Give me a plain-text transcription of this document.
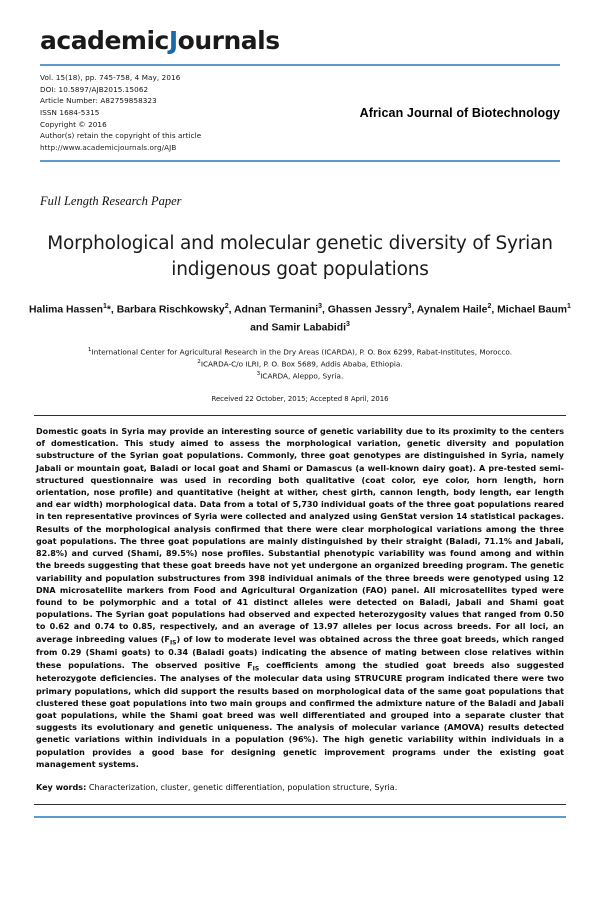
academicJournals
Vol. 15(18), pp. 745-758, 4 May, 2016
DOI: 10.5897/AJB2015.15062
Article Number: A82759858323
ISSN 1684-5315
Copyright © 2016
Author(s) retain the copyright of this article
http://www.academicjournals.org/AJB
African Journal of Biotechnology
Full Length Research Paper
Morphological and molecular genetic diversity of Syrian indigenous goat populations
Halima Hassen$^1$*, Barbara Rischkowsky$^2$, Adnan Termanini$^3$, Ghassen Jessry$^3$, Aynalem Haile$^2$, Michael Baum$^1$ and Samir Lababidi$^3$
$^1$International Center for Agricultural Research in the Dry Areas (ICARDA), P. O. Box 6299, Rabat-Institutes, Morocco.
$^2$ICARDA-C/o ILRI, P. O. Box 5689, Addis Ababa, Ethiopia.
$^3$ICARDA, Aleppo, Syria.
Received 22 October, 2015; Accepted 8 April, 2016
Domestic goats in Syria may provide an interesting source of genetic variability due to its proximity to the centers of domestication. This study aimed to assess the morphological variation, genetic diversity and population substructure of the Syrian goat populations. Commonly, three goat genotypes are distinguished in Syria, namely Jabali or mountain goat, Baladi or local goat and Shami or Damascus (a well-known dairy goat). A pre-tested semi-structured questionnaire was used in recording both qualitative (coat color, eye color, horn length, horn orientation, nose profile) and quantitative (height at wither, chest girth, cannon length, body length, ear length and ear width) morphological data. Data from a total of 5,730 individual goats of the three goat populations reared in ten representative provinces of Syria were collected and analyzed using GenStat version 14 statistical packages. Results of the morphological analysis confirmed that there were clear morphological variations among the three goat populations. The three goat populations are mainly distinguished by their straight (Baladi, 71.1% and Jabali, 82.8%) and curved (Shami, 89.5%) nose profiles. Substantial phenotypic variability was found among and within the breeds suggesting that these goat breeds have not yet undergone an organized breeding program. The genetic variability and population substructures from 398 individual animals of the three breeds were genotyped using 12 DNA microsatellite markers from Food and Agricultural Organization (FAO) panel. All microsatellites typed were found to be polymorphic and a total of 41 distinct alleles were detected on Baladi, Jabali and Shami goat populations. The Syrian goat populations had observed and expected heterozygosity values that ranged from 0.50 to 0.62 and 0.74 to 0.85, respectively, and an average of 13.97 alleles per locus across breeds. For all loci, an average inbreeding values $(F_{IS})$ of low to moderate level was obtained across the three goat breeds, which ranged from 0.29 (Shami goats) to 0.34 (Baladi goats) indicating the absence of mating between close relatives within these populations. The observed positive $F_{IS}$ coefficients among the studied goat breeds also suggested heterozygote deficiencies. The analyses of the molecular data using STRUCURE program indicated there were two primary populations, which did support the results based on morphological data of the same goat populations that clustered these goat populations into two main groups and confirmed the admixture nature of the Baladi and Jabali goat populations, while the Shami goat breed was well differentiated and grouped into a separate cluster that suggests its evolutionary and genetic uniqueness. The analysis of molecular variance (AMOVA) results detected genetic variations within individuals in a population (96%). The high genetic variability within individuals in a population provides a good base for designing genetic improvement programs under the existing goat management systems.
Key words: Characterization, cluster, genetic differentiation, population structure, Syria.
